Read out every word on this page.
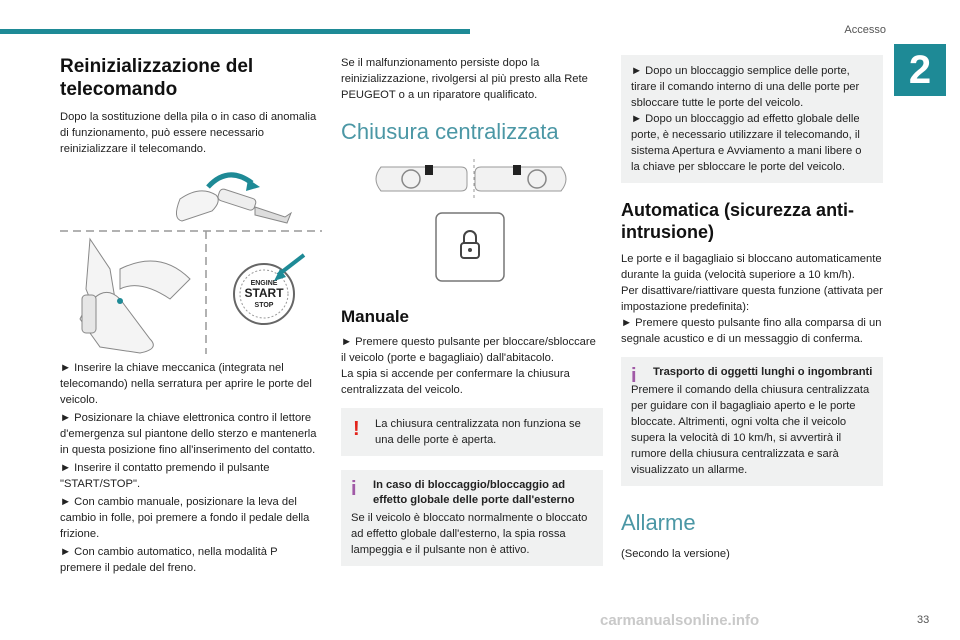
Accesso
2
Reinizializzazione del telecomando

Dopo la sostituzione della pila o in caso di anomalia di funzionamento, può essere necessario reinizializzare il telecomando.

ENGINE
START
STOP

► Inserire la chiave meccanica (integrata nel telecomando) nella serratura per aprire le porte del veicolo.

► Posizionare la chiave elettronica contro il lettore d'emergenza sul piantone dello sterzo e mantenerla in questa posizione fino all'inserimento del contatto.

► Inserire il contatto premendo il pulsante "START/STOP".

► Con cambio manuale, posizionare la leva del cambio in folle, poi premere a fondo il pedale della frizione.

► Con cambio automatico, nella modalità P premere il pedale del freno.

Se il malfunzionamento persiste dopo la reinizializzazione, rivolgersi al più presto alla Rete PEUGEOT o a un riparatore qualificato.

Chiusura centralizzata
Manuale

► Premere questo pulsante per bloccare/sbloccare il veicolo (porte e bagagliaio) dall'abitacolo.

La spia si accende per confermare la chiusura centralizzata del veicolo.

! La chiusura centralizzata non funziona se una delle porte è aperta.

i	In caso di bloccaggio/bloccaggio ad effetto globale delle porte dall'esterno

Se il veicolo è bloccato normalmente o bloccato ad effetto globale dall'esterno, la spia rossa lampeggia e il pulsante non è attivo.

► Dopo un bloccaggio semplice delle porte, tirare il comando interno di una delle porte per sbloccare tutte le porte del veicolo.

► Dopo un bloccaggio ad effetto globale delle porte, è necessario utilizzare il telecomando, il sistema Apertura e Avviamento a mani libere o la chiave per sbloccare le porte del veicolo.

Automatica (sicurezza anti-intrusione)

Le porte e il bagagliaio si bloccano automaticamente durante la guida (velocità superiore a 10 km/h).

Per disattivare/riattivare questa funzione (attivata per impostazione predefinita):

► Premere questo pulsante fino alla comparsa di un segnale acustico e di un messaggio di conferma.

i	Trasporto di oggetti lunghi o ingombranti

Premere il comando della chiusura centralizzata per guidare con il bagagliaio aperto e le porte bloccate. Altrimenti, ogni volta che il veicolo supera la velocità di 10 km/h, si avvertirà il rumore della chiusura centralizzata e sarà visualizzato un allarme.

Allarme

(Secondo la versione)

carmanualsonline.info	33
